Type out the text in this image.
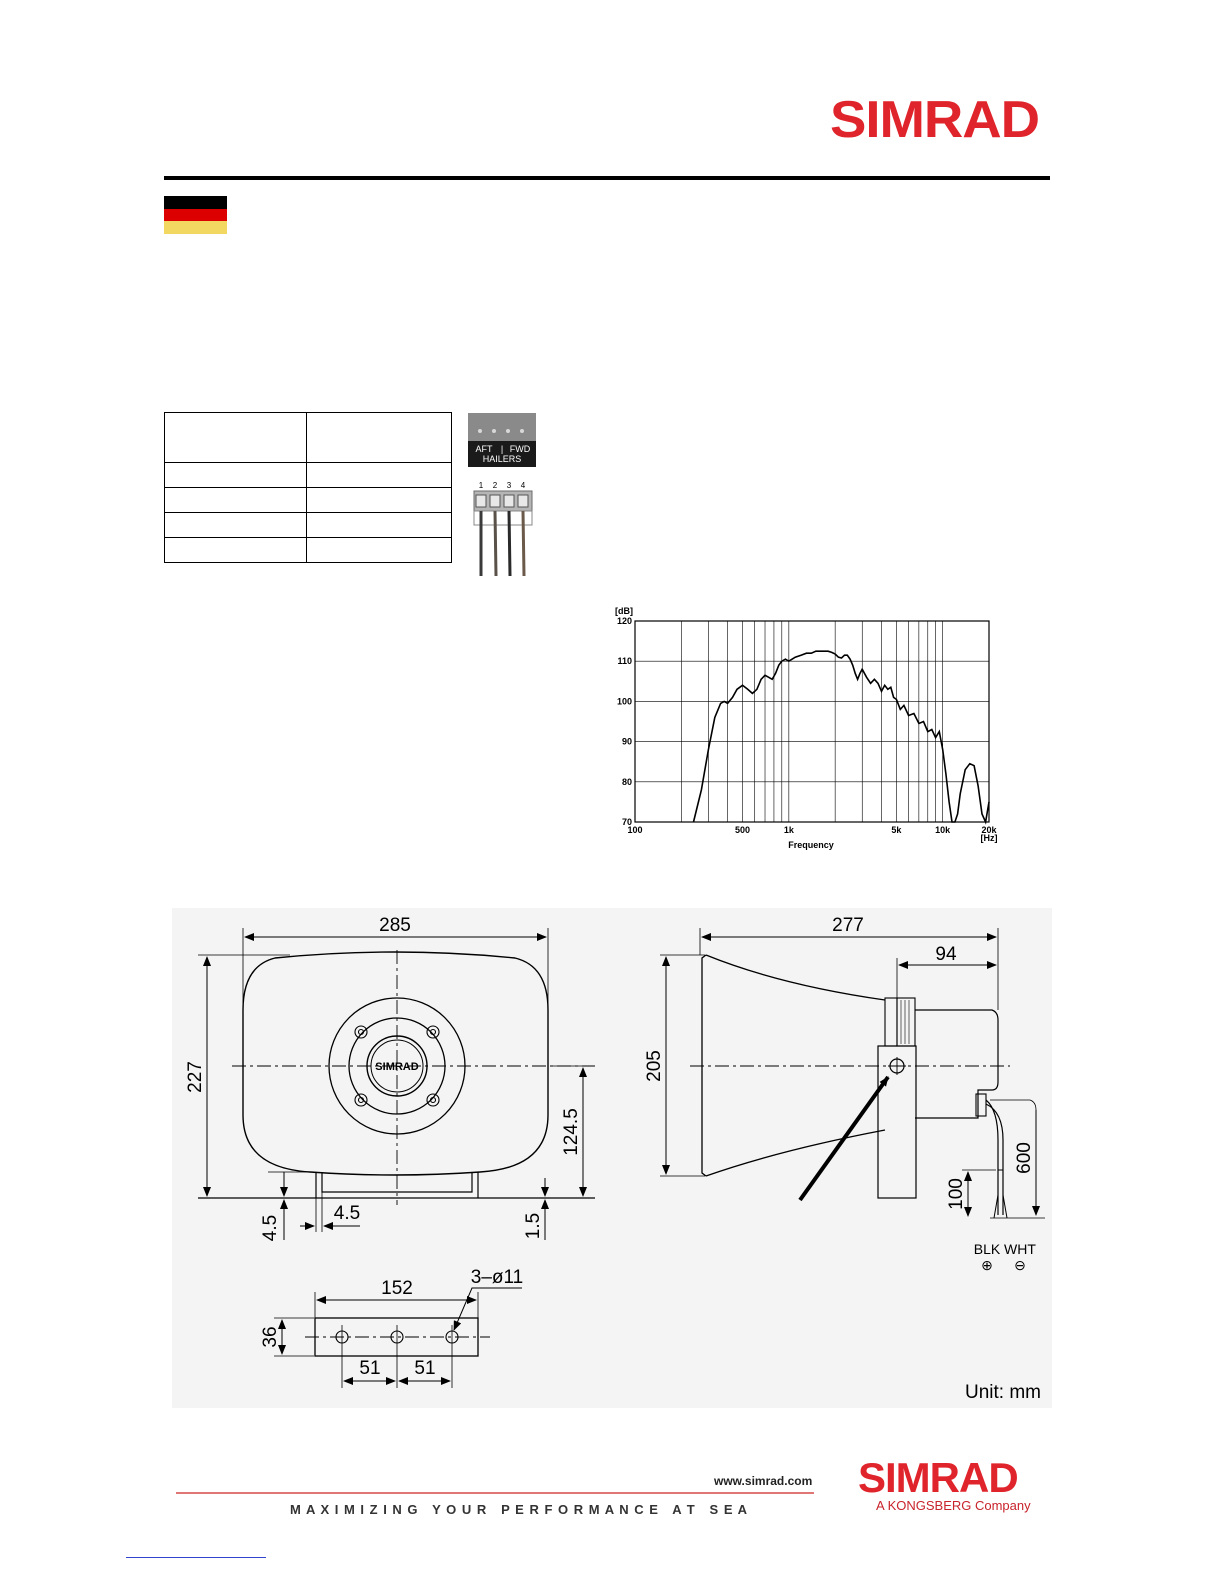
SIMRAD

AFT | FWD
HAILERS
1 2 3 4
[dB]
Frequency
[Hz]
70
80
90
100
110
120
100	500	1k	5k	10k	20k
SIMRAD
285
227
124.5
4.5
4.5	1.5
277
94
205
600
100
BLK WHT
⊕ ⊖
152
3–ø11
36
51 51
Unit: mm
www.simrad.com
M A X I M I Z I N G   Y O U R   P E R F O R M A N C E   A T   S E A
SIMRAD
A KONGSBERG Company
